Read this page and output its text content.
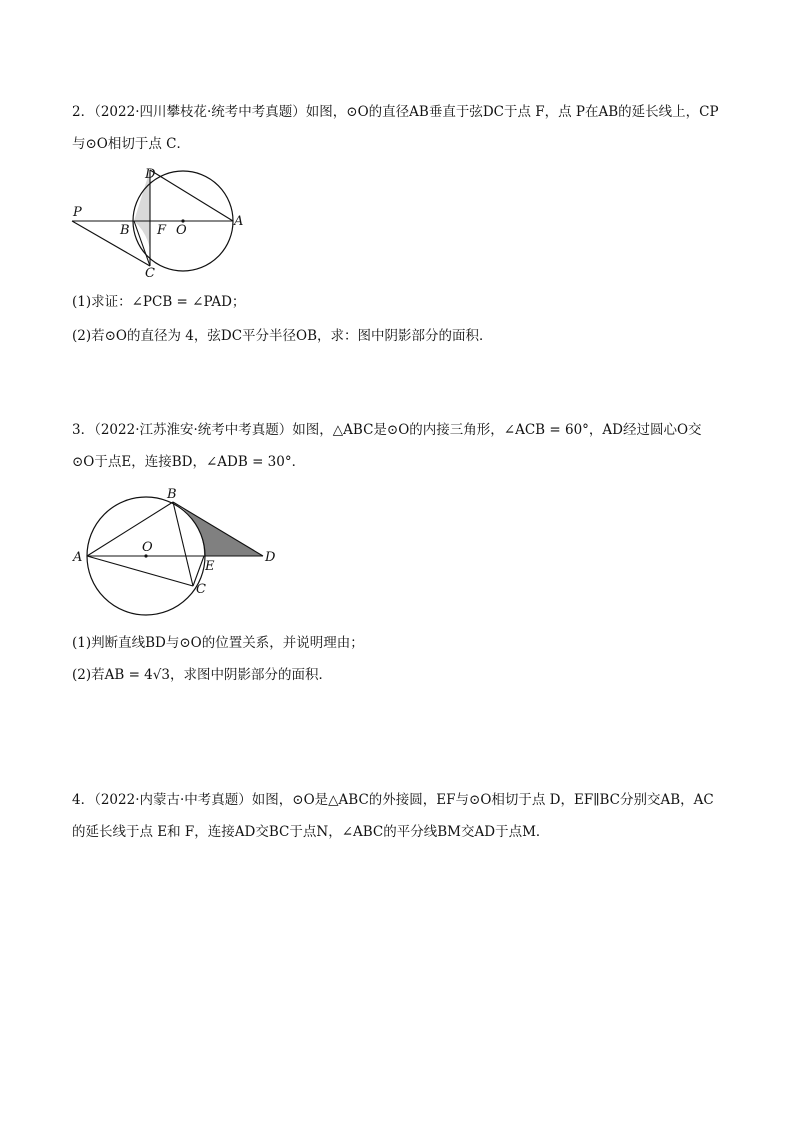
2．（2022·四川攀枝花·统考中考真题）如图，⊙O的直径AB垂直于弦DC于点 F，点 P在AB的延长线上，CP
与⊙O相切于点 C．
D
P
B F O
A
C
(1)求证：∠PCB = ∠PAD；
(2)若⊙O的直径为 4，弦DC平分半径OB，求：图中阴影部分的面积．
3．（2022·江苏淮安·统考中考真题）如图，△ABC是⊙O的内接三角形，∠ACB = 60°，AD经过圆心O交
⊙O于点E，连接BD，∠ADB = 30°．
B
A
O
E
D
C
(1)判断直线BD与⊙O的位置关系，并说明理由；
(2)若AB = 4√3，求图中阴影部分的面积．
4．（2022·内蒙古·中考真题）如图，⊙O是△ABC的外接圆，EF与⊙O相切于点 D，EF∥BC分别交AB，AC
的延长线于点 E和 F，连接AD交BC于点N，∠ABC的平分线BM交AD于点M．
